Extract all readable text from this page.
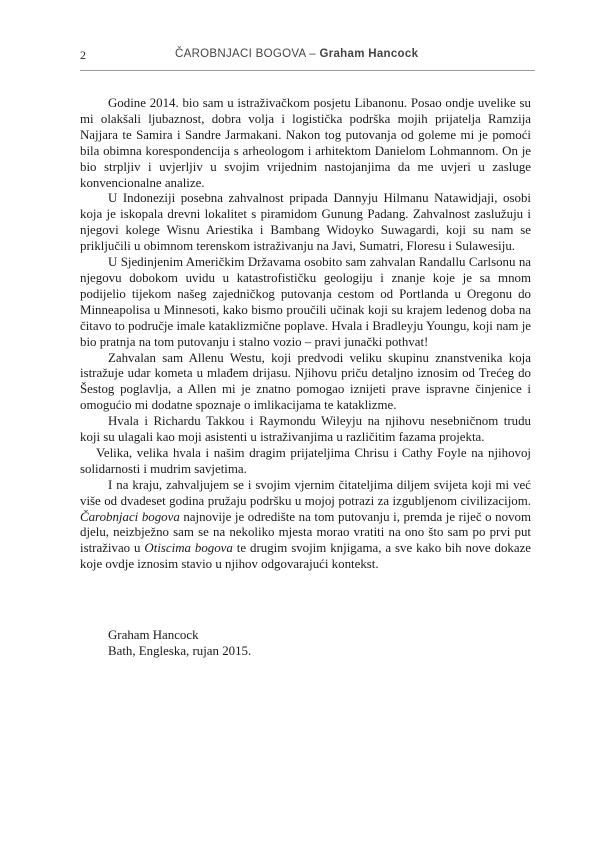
2	ČAROBNJACI BOGOVA – Graham Hancock

Godine 2014. bio sam u istraživačkom posjetu Libanonu. Posao ondje uvelike su mi olakšali ljubaznost, dobra volja i logistička podrška mojih prijatelja Ramzija Najjara te Samira i Sandre Jarmakani. Nakon tog putovanja od goleme mi je pomoći bila obimna korespondencija s arheologom i arhitektom Danielom Lohmannom. On je bio strpljiv i uvjerljiv u svojim vrijednim nastojanjima da me uvjeri u zasluge konvencionalne analize.

U Indoneziji posebna zahvalnost pripada Dannyju Hilmanu Natawidjaji, osobi koja je iskopala drevni lokalitet s piramidom Gunung Padang. Zahvalnost zaslužuju i njegovi kolege Wisnu Ariestika i Bambang Widoyko Suwagardi, koji su nam se priključili u obimnom terenskom istraživanju na Javi, Sumatri, Floresu i Sulawesiju.

U Sjedinjenim Američkim Državama osobito sam zahvalan Randallu Carlsonu na njegovu dobokom uvidu u katastrofističku geologiju i znanje koje je sa mnom podijelio tijekom našeg zajedničkog putovanja cestom od Portlanda u Oregonu do Minneapolisa u Minnesoti, kako bismo proučili učinak koji su krajem ledenog doba na čitavo to područje imale kataklizmične poplave. Hvala i Bradleyju Youngu, koji nam je bio pratnja na tom putovanju i stalno vozio – pravi junački pothvat!

Zahvalan sam Allenu Westu, koji predvodi veliku skupinu znanstvenika koja istražuje udar kometa u mlađem drijasu. Njihovu priču detaljno iznosim od Trećeg do Šestog poglavlja, a Allen mi je znatno pomogao iznijeti prave ispravne činjenice i omogućio mi dodatne spoznaje o imlikacijama te kataklizme.

Hvala i Richardu Takkou i Raymondu Wileyju na njihovu nesebničnom trudu koji su ulagali kao moji asistenti u istraživanjima u različitim fazama projekta.

Velika, velika hvala i našim dragim prijateljima Chrisu i Cathy Foyle na njihovoj solidarnosti i mudrim savjetima.

I na kraju, zahvaljujem se i svojim vjernim čitateljima diljem svijeta koji mi već više od dvadeset godina pružaju podršku u mojoj potrazi za izgubljenom civilizacijom. Čarobnjaci bogova najnovije je odredište na tom putovanju i, premda je riječ o novom djelu, neizbježno sam se na nekoliko mjesta morao vratiti na ono što sam po prvi put istraživao u Otiscima bogova te drugim svojim knjigama, a sve kako bih nove dokaze koje ovdje iznosim stavio u njihov odgovarajući kontekst.

Graham Hancock
Bath, Engleska, rujan 2015.
